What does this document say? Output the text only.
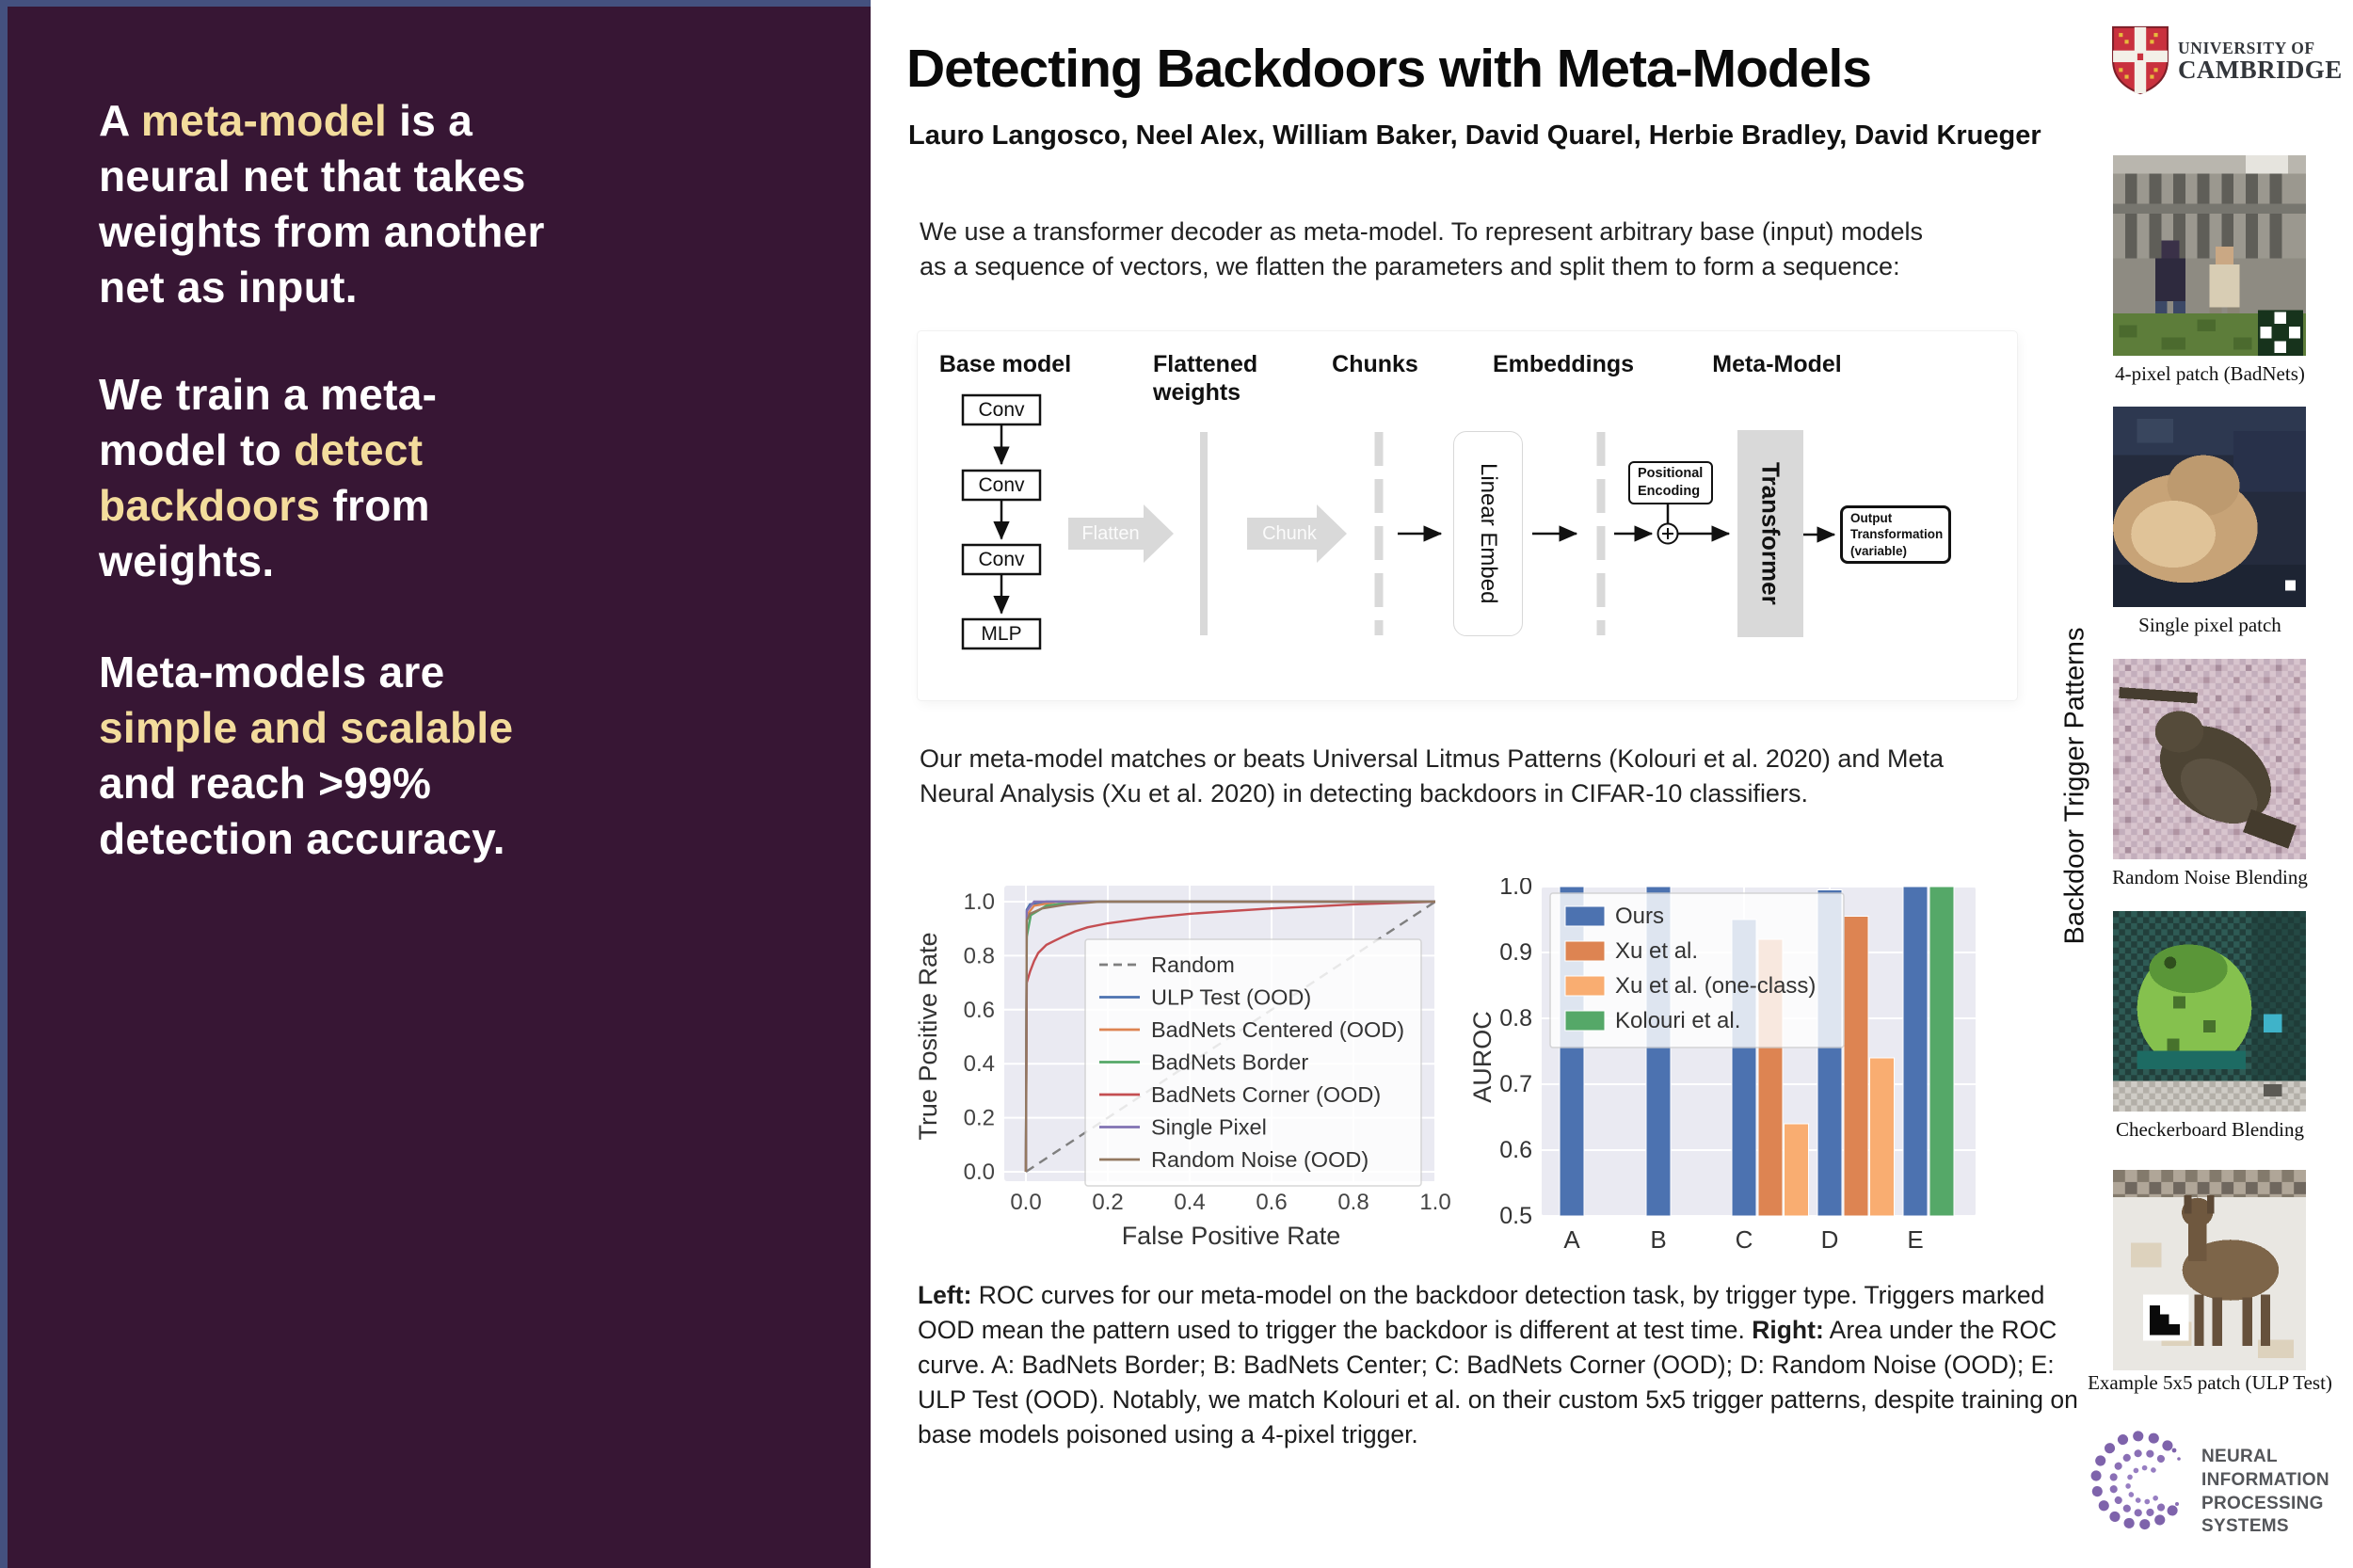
A meta-model is a
neural net that takes
weights from another
net as input.
We train a meta-
model to detect
backdoors from
weights.
Meta-models are
simple and scalable
and reach >99%
detection accuracy.
Detecting Backdoors with Meta-Models
Lauro Langosco, Neel Alex, William Baker, David Quarel, Herbie Bradley, David Krueger
UNIVERSITY OF
CAMBRIDGE
We use a transformer decoder as meta-model. To represent arbitrary base (input) models
as a sequence of vectors, we flatten the parameters and split them to form a sequence:
Base model	Flattened weights
Chunks	Embeddings	Meta-Model
Conv
Conv
Conv
MLP
Flatten	Chunk	Linear Embed	Transformer
Positional Encoding
Output Transformation (variable)
Our meta-model matches or beats Universal Litmus Patterns (Kolouri et al. 2020) and Meta
Neural Analysis (Xu et al. 2020) in detecting backdoors in CIFAR-10 classifiers.
0.0 0.2 0.4 0.6 0.8 1.0
0.0
0.2
0.4
0.6
0.8
1.0
False Positive Rate
True Positive Rate	Random
ULP Test (OOD)
BadNets Centered (OOD)
BadNets Border
BadNets Corner (OOD)
Single Pixel
Random Noise (OOD)
0.5
0.6
0.7
0.8
0.9
1.0
A	B	C	D	E
AUROC
Ours
Xu et al.
Xu et al. (one-class)
Kolouri et al.
Left: ROC curves for our meta-model on the backdoor detection task, by trigger type. Triggers marked OOD mean the pattern used to trigger the backdoor is different at test time. Right: Area under the ROC curve. A: BadNets Border; B: BadNets Center; C: BadNets Corner (OOD); D: Random Noise (OOD); E: ULP Test (OOD). Notably, we match Kolouri et al. on their custom 5x5 trigger patterns, despite training on base models poisoned using a 4-pixel trigger.
Backdoor Trigger Patterns
4-pixel patch (BadNets)
Single pixel patch
Random Noise Blending
Checkerboard Blending
Example 5x5 patch (ULP Test)
NEURAL INFORMATION
PROCESSING SYSTEMS
